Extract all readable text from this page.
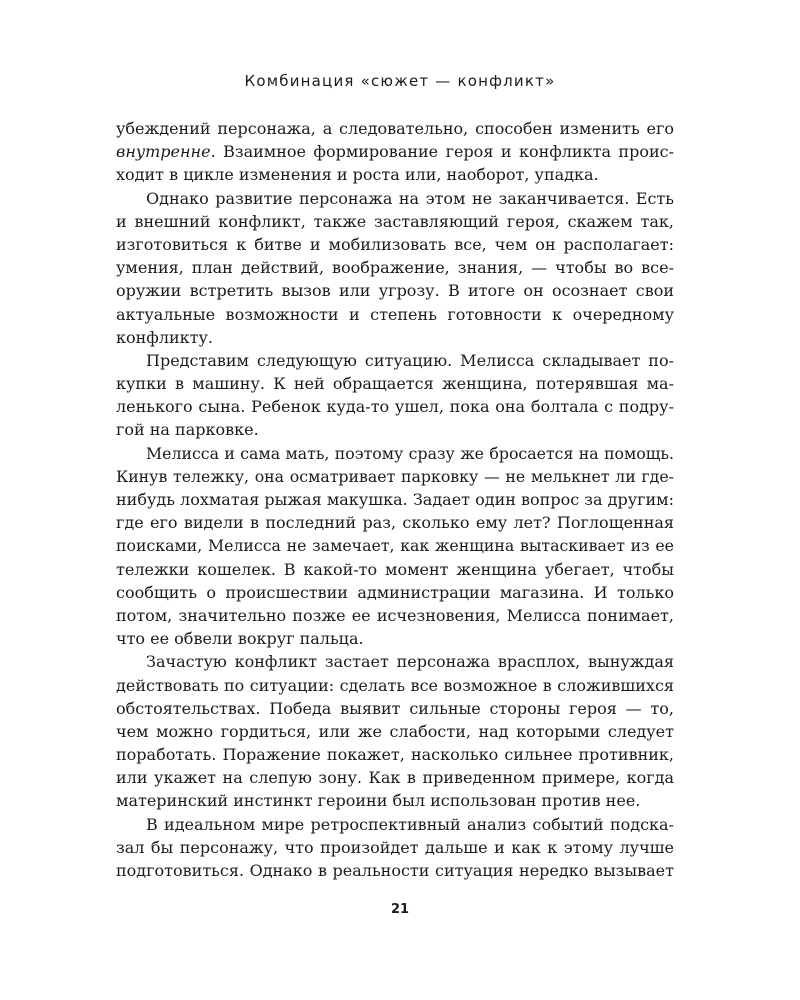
Комбинация «сюжет — конфликт»
убеждений персонажа, а следовательно, способен изменить его
внутренне. Взаимное формирование героя и конфликта проис-
ходит в цикле изменения и роста или, наоборот, упадка.
Однако развитие персонажа на этом не заканчивается. Есть
и внешний конфликт, также заставляющий героя, скажем так,
изготовиться к битве и мобилизовать все, чем он располагает:
умения, план действий, воображение, знания, — чтобы во все-
оружии встретить вызов или угрозу. В итоге он осознает свои
актуальные возможности и степень готовности к очередному
конфликту.
Представим следующую ситуацию. Мелисса складывает по-
купки в машину. К ней обращается женщина, потерявшая ма-
ленького сына. Ребенок куда-то ушел, пока она болтала с подру-
гой на парковке.
Мелисса и сама мать, поэтому сразу же бросается на помощь.
Кинув тележку, она осматривает парковку — не мелькнет ли где-
нибудь лохматая рыжая макушка. Задает один вопрос за другим:
где его видели в последний раз, сколько ему лет? Поглощенная
поисками, Мелисса не замечает, как женщина вытаскивает из ее
тележки кошелек. В какой-то момент женщина убегает, чтобы
сообщить о происшествии администрации магазина. И только
потом, значительно позже ее исчезновения, Мелисса понимает,
что ее обвели вокруг пальца.
Зачастую конфликт застает персонажа врасплох, вынуждая
действовать по ситуации: сделать все возможное в сложившихся
обстоятельствах. Победа выявит сильные стороны героя — то,
чем можно гордиться, или же слабости, над которыми следует
поработать. Поражение покажет, насколько сильнее противник,
или укажет на слепую зону. Как в приведенном примере, когда
материнский инстинкт героини был использован против нее.
В идеальном мире ретроспективный анализ событий подска-
зал бы персонажу, что произойдет дальше и как к этому лучше
подготовиться. Однако в реальности ситуация нередко вызывает
21
